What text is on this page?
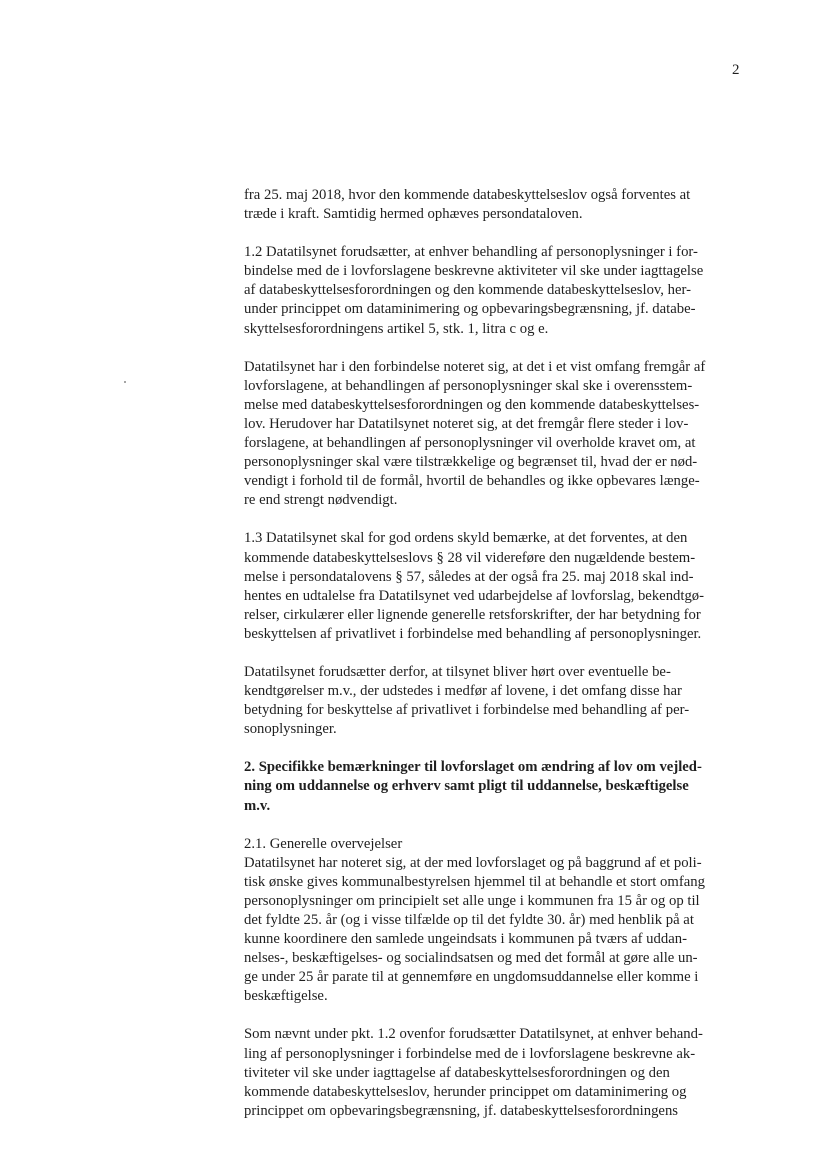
2

fra 25. maj 2018, hvor den kommende databeskyttelseslov også forventes at
træde i kraft. Samtidig hermed ophæves persondataloven.

1.2 Datatilsynet forudsætter, at enhver behandling af personoplysninger i for-
bindelse med de i lovforslagene beskrevne aktiviteter vil ske under iagttagelse
af databeskyttelsesforordningen og den kommende databeskyttelseslov, her-
under princippet om dataminimering og opbevaringsbegrænsning, jf. databe-
skyttelsesforordningens artikel 5, stk. 1, litra c og e.

Datatilsynet har i den forbindelse noteret sig, at det i et vist omfang fremgår af
lovforslagene, at behandlingen af personoplysninger skal ske i overensstem-
melse med databeskyttelsesforordningen og den kommende databeskyttelses-
lov. Herudover har Datatilsynet noteret sig, at det fremgår flere steder i lov-
forslagene, at behandlingen af personoplysninger vil overholde kravet om, at
personoplysninger skal være tilstrækkelige og begrænset til, hvad der er nød-
vendigt i forhold til de formål, hvortil de behandles og ikke opbevares længe-
re end strengt nødvendigt.

1.3 Datatilsynet skal for god ordens skyld bemærke, at det forventes, at den
kommende databeskyttelseslovs § 28 vil videreføre den nugældende bestem-
melse i persondatalovens § 57, således at der også fra 25. maj 2018 skal ind-
hentes en udtalelse fra Datatilsynet ved udarbejdelse af lovforslag, bekendtgø-
relser, cirkulærer eller lignende generelle retsforskrifter, der har betydning for
beskyttelsen af privatlivet i forbindelse med behandling af personoplysninger.

Datatilsynet forudsætter derfor, at tilsynet bliver hørt over eventuelle be-
kendtgørelser m.v., der udstedes i medfør af lovene, i det omfang disse har
betydning for beskyttelse af privatlivet i forbindelse med behandling af per-
sonoplysninger.

2. Specifikke bemærkninger til lovforslaget om ændring af lov om vejled-
ning om uddannelse og erhverv samt pligt til uddannelse, beskæftigelse
m.v.

2.1. Generelle overvejelser

Datatilsynet har noteret sig, at der med lovforslaget og på baggrund af et poli-
tisk ønske gives kommunalbestyrelsen hjemmel til at behandle et stort omfang
personoplysninger om principielt set alle unge i kommunen fra 15 år og op til
det fyldte 25. år (og i visse tilfælde op til det fyldte 30. år) med henblik på at
kunne koordinere den samlede ungeindsats i kommunen på tværs af uddan-
nelses-, beskæftigelses- og socialindsatsen og med det formål at gøre alle un-
ge under 25 år parate til at gennemføre en ungdomsuddannelse eller komme i
beskæftigelse.

Som nævnt under pkt. 1.2 ovenfor forudsætter Datatilsynet, at enhver behand-
ling af personoplysninger i forbindelse med de i lovforslagene beskrevne ak-
tiviteter vil ske under iagttagelse af databeskyttelsesforordningen og den
kommende databeskyttelseslov, herunder princippet om dataminimering og
princippet om opbevaringsbegrænsning, jf. databeskyttelsesforordningens
